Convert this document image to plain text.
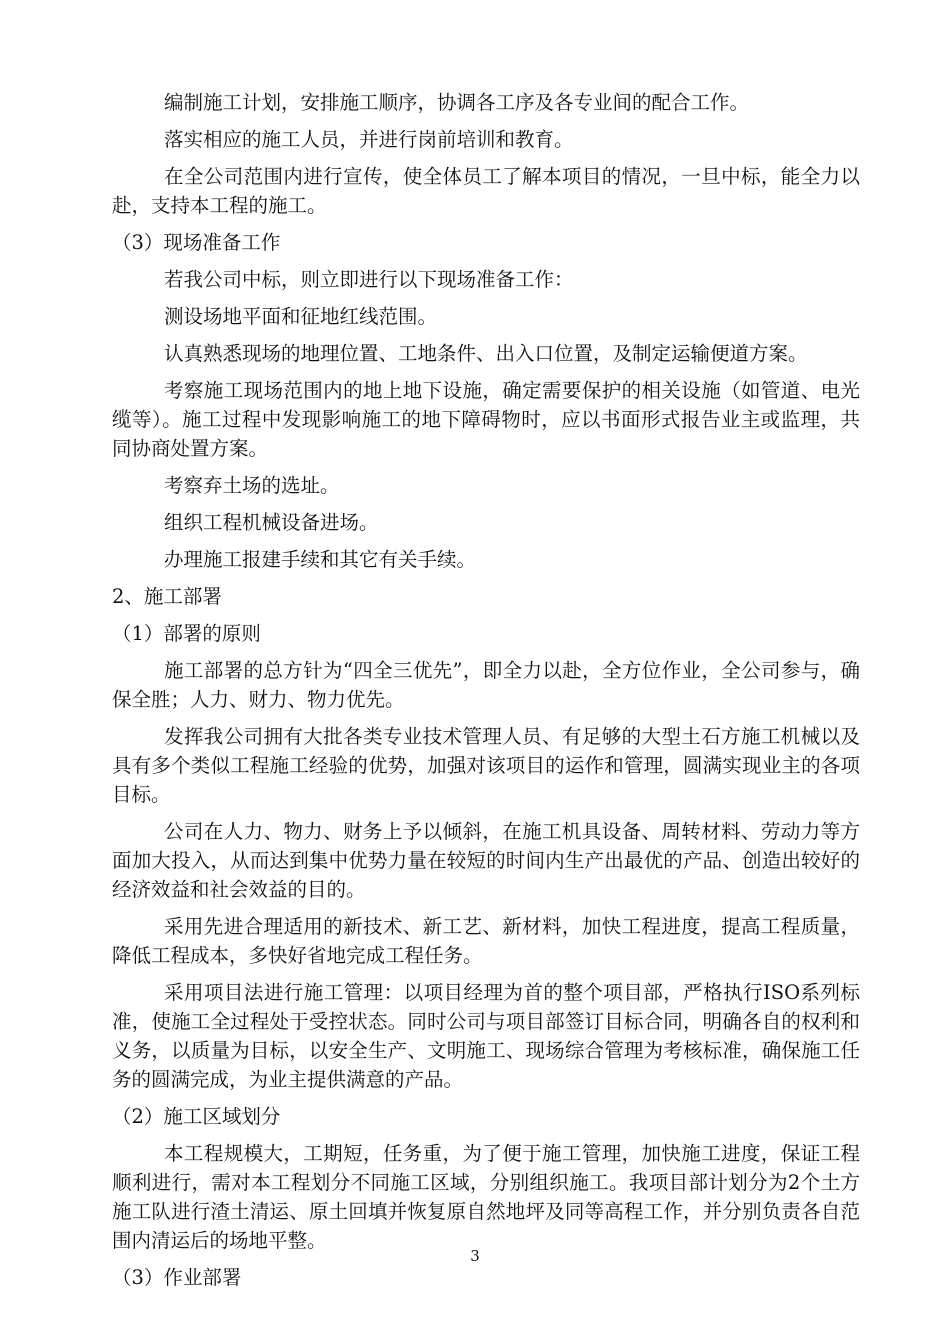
编制施工计划，安排施工顺序，协调各工序及各专业间的配合工作。

落实相应的施工人员，并进行岗前培训和教育。

在全公司范围内进行宣传，使全体员工了解本项目的情况，一旦中标，能全力以赴，支持本工程的施工。

（3）现场准备工作

若我公司中标，则立即进行以下现场准备工作：

测设场地平面和征地红线范围。

认真熟悉现场的地理位置、工地条件、出入口位置，及制定运输便道方案。

考察施工现场范围内的地上地下设施，确定需要保护的相关设施（如管道、电光缆等）。施工过程中发现影响施工的地下障碍物时，应以书面形式报告业主或监理，共同协商处置方案。

考察弃土场的选址。

组织工程机械设备进场。

办理施工报建手续和其它有关手续。

2、施工部署

（1）部署的原则

施工部署的总方针为“四全三优先”，即全力以赴，全方位作业，全公司参与，确保全胜；人力、财力、物力优先。

发挥我公司拥有大批各类专业技术管理人员、有足够的大型土石方施工机械以及具有多个类似工程施工经验的优势，加强对该项目的运作和管理，圆满实现业主的各项目标。

公司在人力、物力、财务上予以倾斜，在施工机具设备、周转材料、劳动力等方面加大投入，从而达到集中优势力量在较短的时间内生产出最优的产品、创造出较好的经济效益和社会效益的目的。

采用先进合理适用的新技术、新工艺、新材料，加快工程进度，提高工程质量，降低工程成本，多快好省地完成工程任务。

采用项目法进行施工管理：以项目经理为首的整个项目部，严格执行ISO系列标准，使施工全过程处于受控状态。同时公司与项目部签订目标合同，明确各自的权利和义务，以质量为目标，以安全生产、文明施工、现场综合管理为考核标准，确保施工任务的圆满完成，为业主提供满意的产品。

（2）施工区域划分

本工程规模大，工期短，任务重，为了便于施工管理，加快施工进度，保证工程顺利进行，需对本工程划分不同施工区域，分别组织施工。我项目部计划分为2个土方施工队进行渣土清运、原土回填并恢复原自然地坪及同等高程工作，并分别负责各自范围内清运后的场地平整。

（3）作业部署

3
